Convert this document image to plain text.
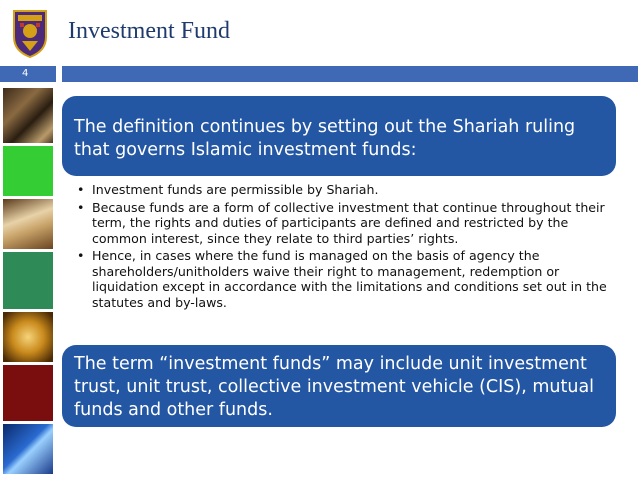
Investment Fund
4
The definition continues by setting out the Shariah ruling that governs Islamic investment funds:
• Investment funds are permissible by Shariah.
• Because funds are a form of collective investment that continue throughout their term, the rights and duties of participants are defined and restricted by the common interest, since they relate to third parties’ rights.
• Hence, in cases where the fund is managed on the basis of agency the shareholders/unitholders waive their right to management, redemption or liquidation except in accordance with the limitations and conditions set out in the statutes and by-laws.
The term “investment funds” may include unit investment trust, unit trust, collective investment vehicle (CIS), mutual funds and other funds.
